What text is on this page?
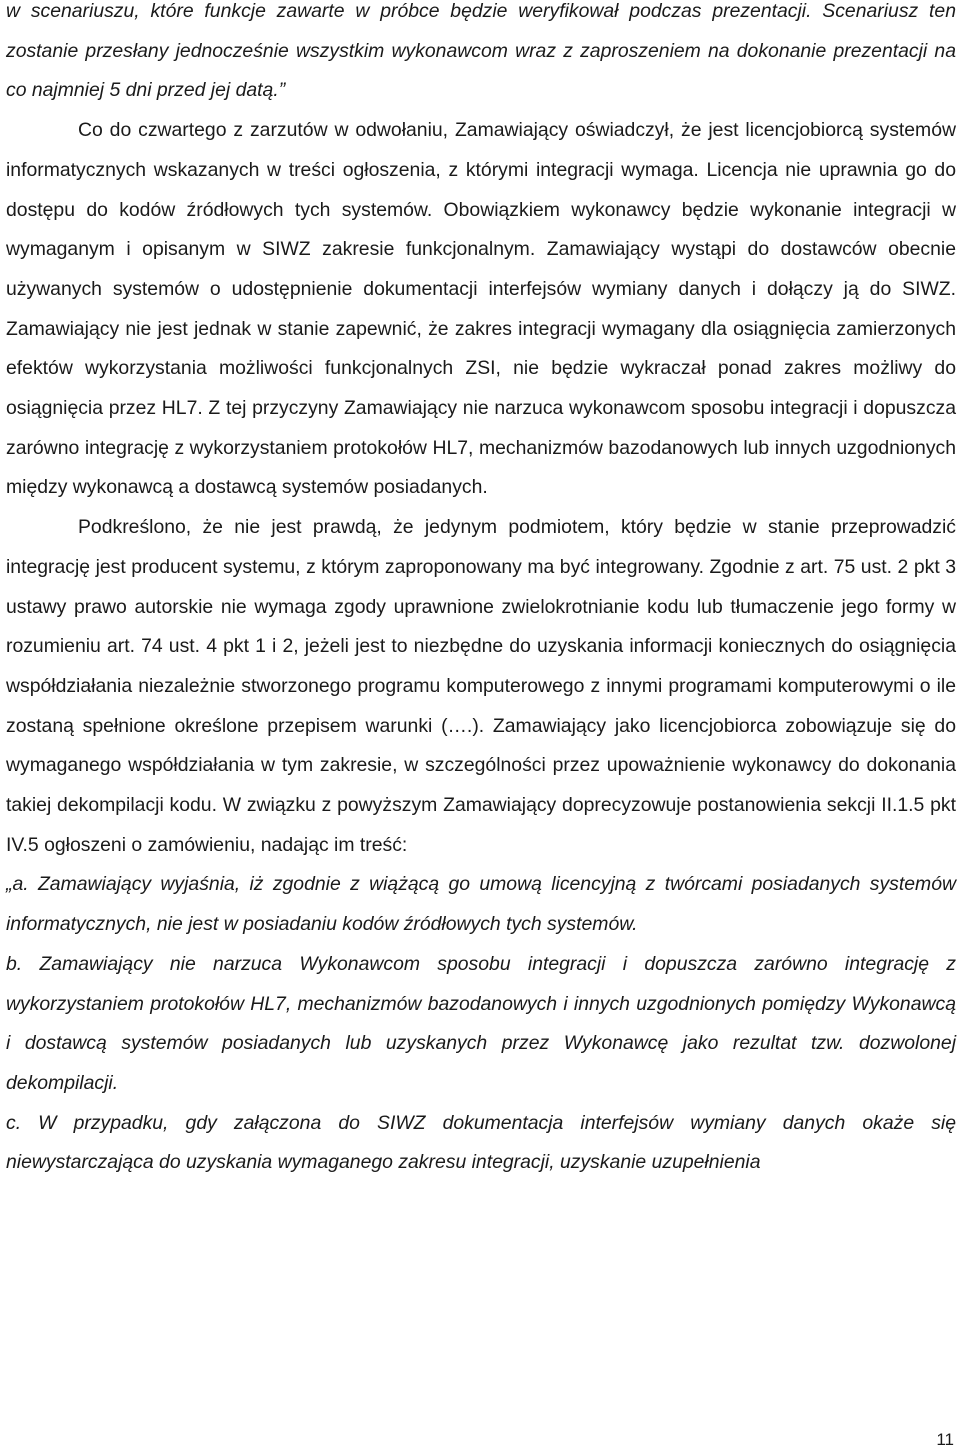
w scenariuszu, które funkcje zawarte w próbce będzie weryfikował podczas prezentacji. Scenariusz ten zostanie przesłany jednocześnie wszystkim wykonawcom wraz z zaproszeniem na dokonanie prezentacji na co najmniej 5 dni przed jej datą.”

Co do czwartego z zarzutów w odwołaniu, Zamawiający oświadczył, że jest licencjobiorcą systemów informatycznych wskazanych w treści ogłoszenia, z którymi integracji wymaga. Licencja nie uprawnia go do dostępu do kodów źródłowych tych systemów. Obowiązkiem wykonawcy będzie wykonanie integracji w wymaganym i opisanym w SIWZ zakresie funkcjonalnym. Zamawiający wystąpi do dostawców obecnie używanych systemów o udostępnienie dokumentacji interfejsów wymiany danych i dołączy ją do SIWZ. Zamawiający nie jest jednak w stanie zapewnić, że zakres integracji wymagany dla osiągnięcia zamierzonych efektów wykorzystania możliwości funkcjonalnych ZSI, nie będzie wykraczał ponad zakres możliwy do osiągnięcia przez HL7. Z tej przyczyny Zamawiający nie narzuca wykonawcom sposobu integracji i dopuszcza zarówno integrację z wykorzystaniem protokołów HL7, mechanizmów bazodanowych lub innych uzgodnionych między wykonawcą a dostawcą systemów posiadanych.

Podkreślono, że nie jest prawdą, że jedynym podmiotem, który będzie w stanie przeprowadzić integrację jest producent systemu, z którym zaproponowany ma być integrowany. Zgodnie z art. 75 ust. 2 pkt 3 ustawy prawo autorskie nie wymaga zgody uprawnione zwielokrotnianie kodu lub tłumaczenie jego formy w rozumieniu art. 74 ust. 4 pkt 1 i 2, jeżeli jest to niezbędne do uzyskania informacji koniecznych do osiągnięcia współdziałania niezależnie stworzonego programu komputerowego z innymi programami komputerowymi o ile zostaną spełnione określone przepisem warunki (….). Zamawiający jako licencjobiorca zobowiązuje się do wymaganego współdziałania w tym zakresie, w szczególności przez upoważnienie wykonawcy do dokonania takiej dekompilacji kodu. W związku z powyższym Zamawiający doprecyzowuje postanowienia sekcji II.1.5 pkt IV.5 ogłoszeni o zamówieniu, nadając im treść:

„a. Zamawiający wyjaśnia, iż zgodnie z wiążącą go umową licencyjną z twórcami posiadanych systemów informatycznych, nie jest w posiadaniu kodów źródłowych tych systemów.

b. Zamawiający nie narzuca Wykonawcom sposobu integracji i dopuszcza zarówno integrację z wykorzystaniem protokołów HL7, mechanizmów bazodanowych i innych uzgodnionych pomiędzy Wykonawcą i dostawcą systemów posiadanych lub uzyskanych przez Wykonawcę jako rezultat tzw. dozwolonej dekompilacji.

c. W przypadku, gdy załączona do SIWZ dokumentacja interfejsów wymiany danych okaże się niewystarczająca do uzyskania wymaganego zakresu integracji, uzyskanie uzupełnienia

11
